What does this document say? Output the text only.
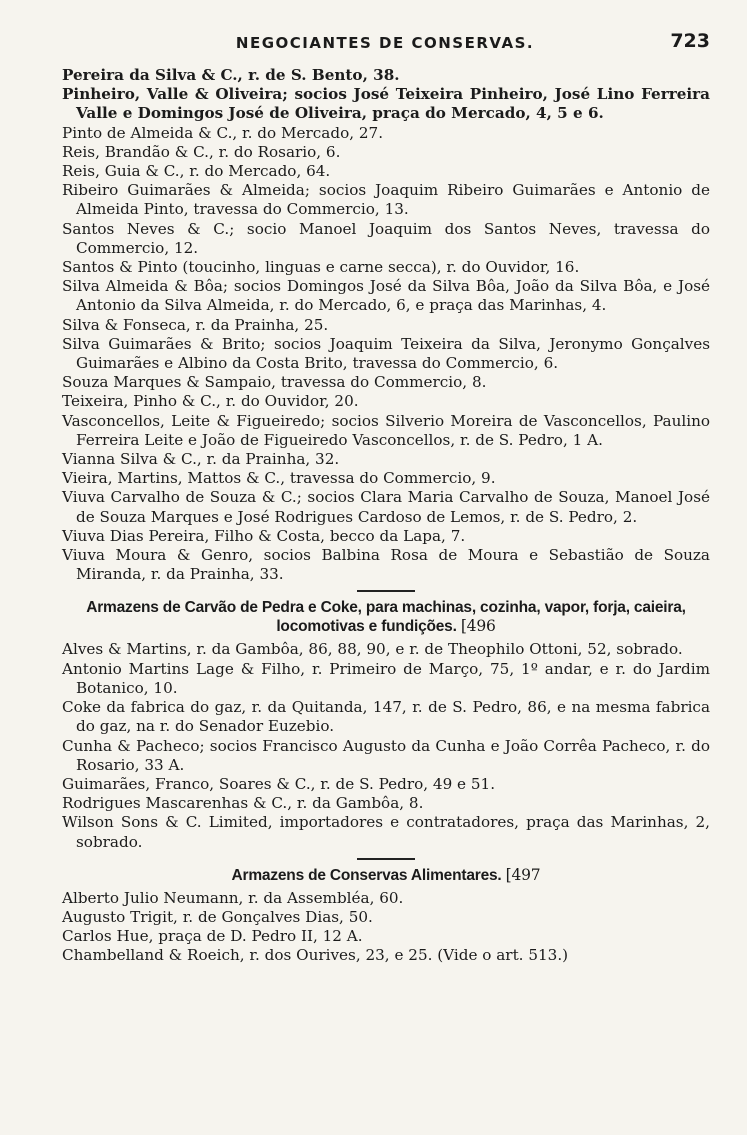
NEGOCIANTES DE CONSERVAS.	723

Pereira da Silva & C., r. de S. Bento, 38.

Pinheiro, Valle & Oliveira; socios José Teixeira Pinheiro, José Lino Ferreira Valle e Domingos José de Oliveira, praça do Mercado, 4, 5 e 6.

Pinto de Almeida & C., r. do Mercado, 27.

Reis, Brandão & C., r. do Rosario, 6.

Reis, Guia & C., r. do Mercado, 64.

Ribeiro Guimarães & Almeida; socios Joaquim Ribeiro Guimarães e Antonio de Almeida Pinto, travessa do Commercio, 13.

Santos Neves & C.; socio Manoel Joaquim dos Santos Neves, travessa do Commercio, 12.

Santos & Pinto (toucinho, linguas e carne secca), r. do Ouvidor, 16.

Silva Almeida & Bôa; socios Domingos José da Silva Bôa, João da Silva Bôa, e José Antonio da Silva Almeida, r. do Mercado, 6, e praça das Marinhas, 4.

Silva & Fonseca, r. da Prainha, 25.

Silva Guimarães & Brito; socios Joaquim Teixeira da Silva, Jeronymo Gonçalves Guimarães e Albino da Costa Brito, travessa do Commercio, 6.

Souza Marques & Sampaio, travessa do Commercio, 8.

Teixeira, Pinho & C., r. do Ouvidor, 20.

Vasconcellos, Leite & Figueiredo; socios Silverio Moreira de Vasconcellos, Paulino Ferreira Leite e João de Figueiredo Vasconcellos, r. de S. Pedro, 1 A.

Vianna Silva & C., r. da Prainha, 32.

Vieira, Martins, Mattos & C., travessa do Commercio, 9.

Viuva Carvalho de Souza & C.; socios Clara Maria Carvalho de Souza, Manoel José de Souza Marques e José Rodrigues Cardoso de Lemos, r. de S. Pedro, 2.

Viuva Dias Pereira, Filho & Costa, becco da Lapa, 7.

Viuva Moura & Genro, socios Balbina Rosa de Moura e Sebastião de Souza Miranda, r. da Prainha, 33.

Armazens de Carvão de Pedra e Coke, para machinas, cozinha, vapor, forja, caieira, locomotivas e fundições. [496

Alves & Martins, r. da Gambôa, 86, 88, 90, e r. de Theophilo Ottoni, 52, sobrado.

Antonio Martins Lage & Filho, r. Primeiro de Março, 75, 1º andar, e r. do Jardim Botanico, 10.

Coke da fabrica do gaz, r. da Quitanda, 147, r. de S. Pedro, 86, e na mesma fabrica do gaz, na r. do Senador Euzebio.

Cunha & Pacheco; socios Francisco Augusto da Cunha e João Corrêa Pacheco, r. do Rosario, 33 A.

Guimarães, Franco, Soares & C., r. de S. Pedro, 49 e 51.

Rodrigues Mascarenhas & C., r. da Gambôa, 8.

Wilson Sons & C. Limited, importadores e contratadores, praça das Marinhas, 2, sobrado.

Armazens de Conservas Alimentares. [497

Alberto Julio Neumann, r. da Assembléa, 60.

Augusto Trigit, r. de Gonçalves Dias, 50.

Carlos Hue, praça de D. Pedro II, 12 A.

Chambelland & Roeich, r. dos Ourives, 23, e 25. (Vide o art. 513.)
